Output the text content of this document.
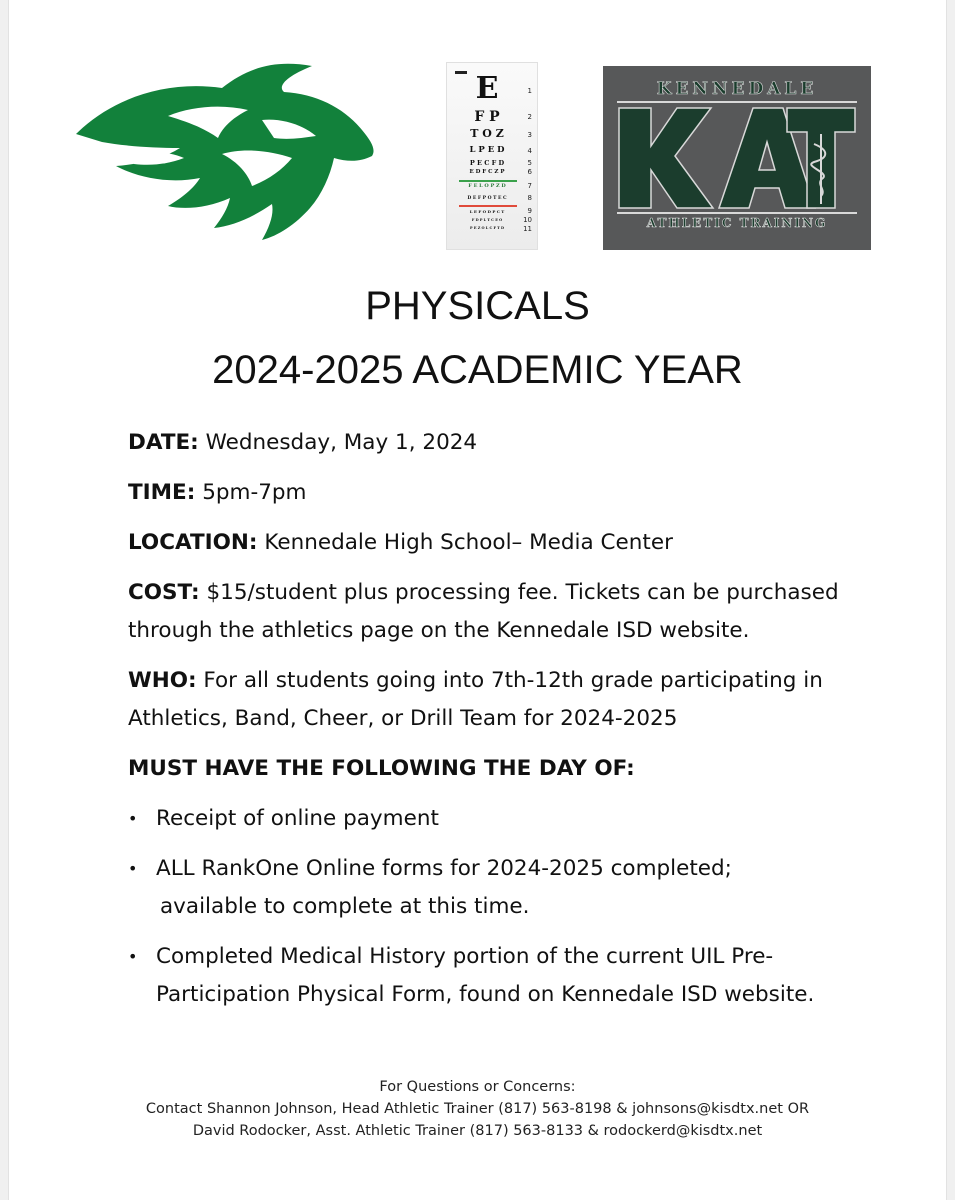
E	1
F P	2
T O Z	3
L P E D	4
P E C F D	5
E D F C Z P	6
F E L O P Z D	7
D E F P O T E C	8
L E F O D P C T	9
F D P L T C E O	10
P E Z O L C F T D	11
KENNEDALE
ATHLETIC TRAINING
PHYSICALS
2024-2025 ACADEMIC YEAR

DATE: Wednesday, May 1, 2024

TIME: 5pm-7pm

LOCATION: Kennedale High School– Media Center

COST: $15/student plus processing fee. Tickets can be purchased through the athletics page on the Kennedale ISD website.

WHO: For all students going into 7th-12th grade participating in Athletics, Band, Cheer, or Drill Team for 2024-2025

MUST HAVE THE FOLLOWING THE DAY OF:

• Receipt of online payment
• ALL RankOne Online forms for 2024-2025 completed;
available to complete at this time.
• Completed Medical History portion of the current UIL Pre-Participation Physical Form, found on Kennedale ISD website.
For Questions or Concerns:
Contact Shannon Johnson, Head Athletic Trainer (817) 563-8198 & johnsons@kisdtx.net OR
David Rodocker, Asst. Athletic Trainer (817) 563-8133 & rodockerd@kisdtx.net
